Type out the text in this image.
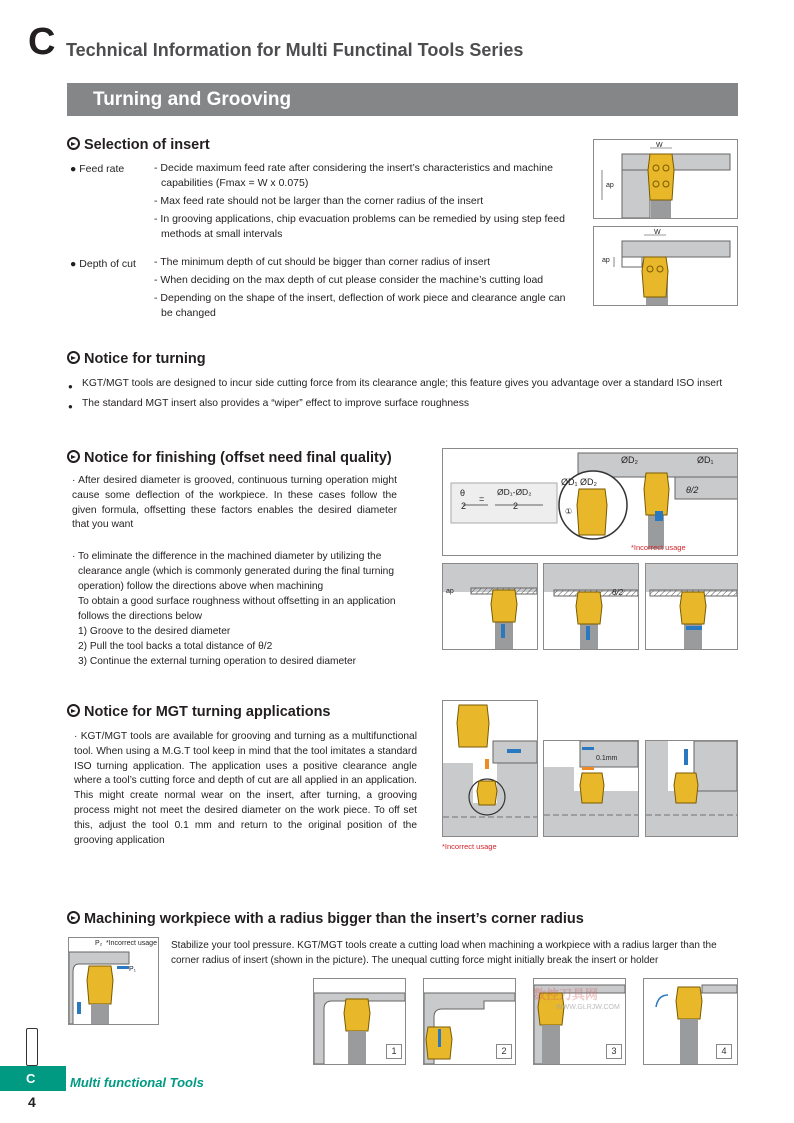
C Technical Information for Multi Functinal Tools Series
Turning and Grooving
Selection of insert
● Feed rate	- Decide maximum feed rate after considering the insert’s characteristics and machine
capabilities (Fmax = W x 0.075)
- Max feed rate should not be larger than the corner radius of the insert
- In grooving applications, chip evacuation problems can be remedied by using step feed
methods at small intervals
● Depth of cut - The minimum depth of cut should be bigger than corner radius of insert
- When deciding on the max depth of cut please consider the machine’s cutting load
- Depending on the shape of the insert, deflection of work piece and clearance angle can
be changed
W
ap
W
ap
Notice for turning
KGT/MGT tools are designed to incur side cutting force from its clearance angle; this feature gives you advantage over a standard ISO insert
The standard MGT insert also provides a “wiper” effect to improve surface roughness
Notice for finishing (offset need final quality)
· After desired diameter is grooved, continuous turning operation might cause some deflection of the workpiece. In these cases follow the given formula, offsetting these factors enables the desired diameter that you want
· To eliminate the difference in the machined diameter by utilizing the
clearance angle (which is commonly generated during the final turning
operation) follow the directions above when machining
To obtain a good surface roughness without offsetting in an application
follows the directions below
1) Groove to the desired diameter
2) Pull the tool backs a total distance of θ/2
3) Continue the external turning operation to desired diameter
θ
2
=
ØD₁-ØD₂
2
ØD₂	ØD₁
θ/2
ØD₁ ØD₂
①
*Incorrect usage
ap	θ/2
Notice for MGT turning applications
· KGT/MGT tools are available for grooving and turning as a multifunctional tool. When using a M.G.T tool keep in mind that the tool imitates a standard ISO turning application. The application uses a positive clearance angle where a tool’s cutting force and depth of cut are all applied in an application. This might create normal wear on the insert, after turning, a grooving process might not meet the desired diameter on the work piece. To off set this, adjust the tool 0.1 mm and return to the original position of the grooving application
0.1mm
*Incorrect usage
Machining workpiece with a radius bigger than the insert’s corner radius
Stabilize your tool pressure. KGT/MGT tools create a cutting load when machining a workpiece with a radius larger than the
corner radius of insert (shown in the picture). The unequal cutting force might initially break the insert or holder
P₂ *Incorrect usage
P₁
1	2	3	4
数控刀具网
WWW.GLRJW.COM
C	Multi functional Tools
4
